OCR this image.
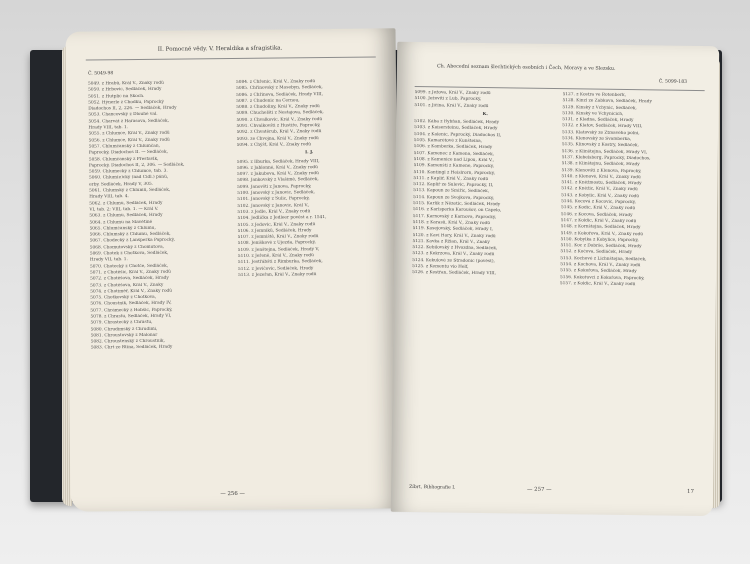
II. Pomocné vědy. V. Heraldika a sfragistika.
Č. 5049-98
5049. z Hrabů, Král V., Znaky rodů
5050. z Hrbovic, Sedláček, Hrady
5051. z Hutplic na Škoch.
5052. Hýnerle z Chodku, Paprocký
Diadochos II, 2, 226. — Sedláček, Hrady
5053. Chancovský z Dlouhé val.
5054. Charvát z Harasova, Sedláček,
Hrady VIII, tab. 1.
5055. z Chlumce, Král V., Znaky rodů
5056. z Chlumce, Král V., Znaky rodů
5057. Chlumčanský z Chlumčan,
Paprocký, Diadochos II. — Sedláček,
5058. Chlumčanský z Přestavlk,
Paprocký, Diadochos II, 2, 306. — Sedláček,
5059. Chlumecký z Chlumce, tab. 3.
5060. Chlum(e)cký (nad Cidl.) pánů,
erby. Sedláček, Hrady V, 305.
5061. Chlumský z Chlumů, Sedláček,
Hrady VIII, tab. 4.
5062. z Chlumu, Sedláček, Hrady
VI, tab. 2; VIII, tab. 1. — Král V.
5063. z Chlumu, Sedláček, Hrady
5064. z Chlumu na Slavětíně
5065. Chlumčanský z Chlumu,
5066. Chlumský z Chlumu, Sedláček,
5067. Chodecký z Lanšperka Paprocký,
5068. Chomutovský z Chomutova,
5069. Chotek z Chotkova, Sedláček,
Hrady VII, tab. 1.
5070. Chotecký z Chotče, Sedláček,
5071. z Chotěšic, Král V., Znaky rodů
5072. z Chotěšova, Sedláček, Hrady
5073. z Chotěšova, Král V., Znaky
5074. z Chotiměř, Král V., Znaky rodů
5075. Chotkovský z Chotkova,
5076. Choustník, Sedláček, Hrady IV,
5077. Chrámecký z Hobšic, Paprocký,
5078. z Chrastu, Sedláček, Hrady VI,
5079. Chrastecký z Chrástu,
5080. Chrudimský z Chrudimi,
5081. Chroustovský z Malonar
5082. Chroustenský z Chroustník,
5083. Chrt ze Rtína, Sedláček, Hrady
5084. z Chřenic, Král V., Znaky rodů
5085. Chřinovský z Mosebyn, Sedláček,
5086. z Chřínova, Sedláček, Hrady VIII,
5087. z Chudenic na Černou,
5088. z Chudoliny, Král V., Znaky rodů
5089. Chuchelští z Nestajova, Sedláček,
5090. z Chvalkovic, Král V., Znaky rodů
5091. Chvalkovští z Hustíře, Paprocký,
5092. z Chvatěrub, Král V., Znaky rodů
5093. ze Chvojna, Král V., Znaky rodů
5094. z Chýšť, Král V., Znaky rodů
I. J.
5095. z Ilburka, Sedláček, Hrady VIII,
5096. z Jablonné, Král V., Znaky rodů
5097. z Jakubova, Král V., Znaky rodů
5098. Jankovský z Vlašimě, Sedláček,
5099. Janovští z Janova, Paprocký,
5100. Janovský z Janovic, Sedláček,
5101. Janovský z Sulic, Paprocký,
5102. Janovský z Janovic, Král V.,
5103. z Jedle, Král V., Znaky rodů
5104. Jedlička z Jedleer pověst a r. 1541,
5105. z Jedovic, Král V., Znaky rodů
5106. z Jemníků, Sedláček, Hrady
5107. z Jemniště, Král V., Znaky rodů
5108. Jeníškové z Újezda, Paprocký,
5109. z Jenštejna, Sedláček, Hrady V,
5110. z Jeřeně, Král V., Znaky rodů
5111. Jestřábští z Rimburka, Sedláček,
5112. z Jevíčovic, Sedláček, Hrady
5113. z Jezeřan, Král V., Znaky rodů
— 256 —
Ch. Abecední seznam šlechtických osobních i Čech, Moravy a ve Slezsku.
Č. 5099-183
5099. z Ježova, Král V., Znaky rodů
5100. Ježovití z Lub, Paprocký,
5101. z Jičína, Král V., Znaky rodů
K.
5102. Kába z Rybňan, Sedláček, Hrady
5103. z Kaisersteinu, Sedláček, Hrady
5104. z Kalenic, Paprocký, Diadochos II,
5105. Kamarétové z Kunšteina,
5106. z Kamberka, Sedláček, Hrady
5107. Kamenec z Kamena, Sedláček,
5108. z Kamenice nad Lipou, Král V.,
5109. Kamenští z Kamene, Paprocký,
5110. Kantingl z Heislrorn, Paprocký,
5111. z Kapliř, Král V., Znaky rodů
5112. Kaplíř ze Sulevic, Paprocký, II,
5113. Kapoun ze Smiřic, Sedláček,
5114. Kapoun ze Svojkova, Paprocký,
5115. Karlík z Nězetic, Sedláček, Hrady
5116. z Karlsperka Karoušov, on Capelo,
5117. Karnovský z Karnova, Paprocký,
5118. z Karasů, Král V., Znaky rodů
5119. Kasejovský, Sedláček, Hrady I,
5120. z Kaví Hory, Král V., Znaky rodů
5121. Kavka z Ržian, Král V., Znaky
5122. Kebilovský z Hvozdna, Sedláček,
5123. z Kekrzova, Král V., Znaky rodů
5124. Kekulové ze Stradonic (pověst),
5125. z Kementu vio Helf,
5126. z Kestřan, Sedláček, Hrady VIII,
5127. z Kostra ve Rotenberk,
5128. Kinzl ze Žabkova, Sedláček, Hrady
5129. Kinský z Vchynic, Sedláček,
5130. Kinský ve Vchynicích,
5131. z Kladna, Sedláček, Hrady
5132. z Klatov, Sedláček, Hrady VIII,
5133. Klatovský ze Ztmavého polní,
5134. Klenovský ze Švamberka,
5135. Klinovský z Kostry, Sedláček,
5136. z Klinštejna, Sedláček, Hrady VI,
5137. Klebelsberg, Paprocký, Diadochos,
5138. z Klinštejnu, Sedláček, Hrady
5139. Klenovští z Klenova, Paprocký,
5140. z Klenové, Král V., Znaky rodů
5141. z Kněžmostu, Sedláček, Hrady
5142. z Kněžic, Král V., Znaky rodů
5143. z Kobylic, Král V., Znaky rodů
5144. Kocová z Kocovic, Paprocký,
5145. z Kodic, Král V., Znaky rodů
5146. z Kocova, Sedláček, Hrady
5147. z Koldic, Král V., Znaky rodů
5148. z Kornštejna, Sedláček, Hrady
5149. z Kokořova, Král V., Znaky rodů
5150. Kobylka z Kobylice, Paprocký,
5151. Koc z Dobrše, Sedláček, Hrady
5152. z Kočova, Sedláček, Hrady
5153. Kochové z Lichnštejna, Sedláček,
5154. z Kochova, Král V., Znaky rodů
5155. z Kokořova, Sedláček, Hrady
5156. Kokořovci z Kokořova, Paprocký,
5157. z Koldic, Král V., Znaky rodů
Zíbrt, Bibliografie I.	— 257 —	17
